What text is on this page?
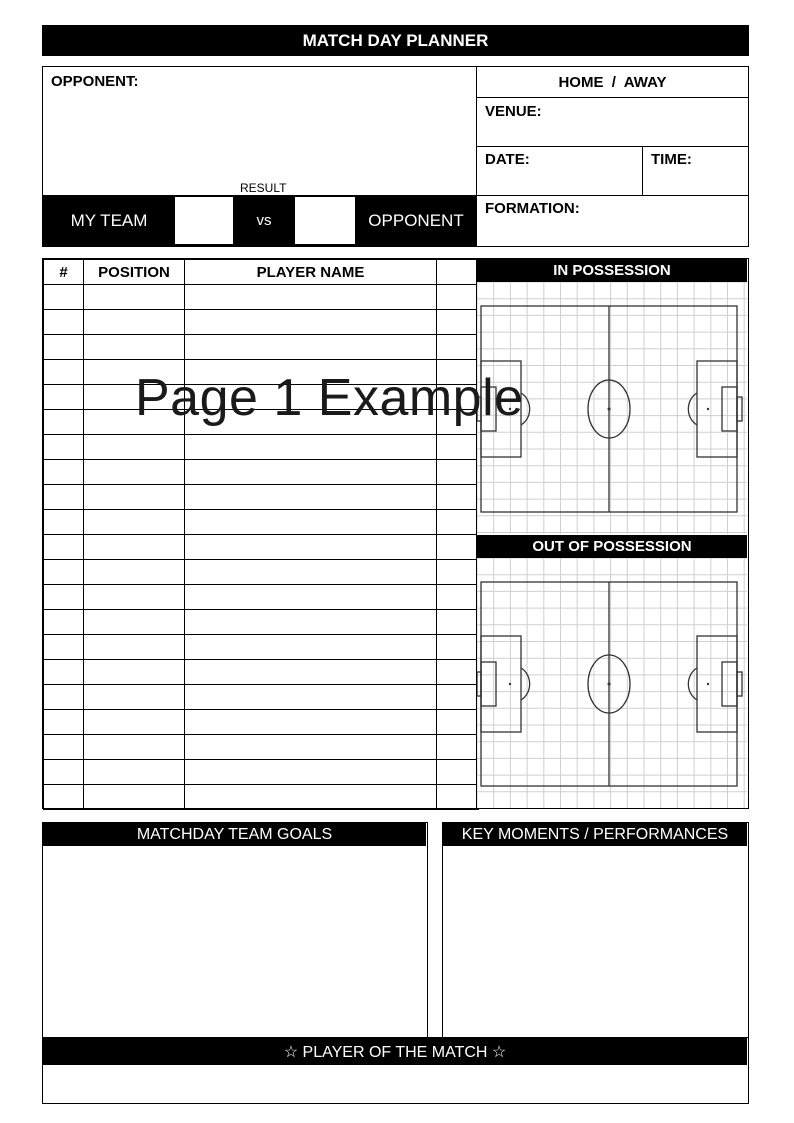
MATCH DAY PLANNER
OPPONENT:
RESULT
MY TEAM	vs	OPPONENT
HOME  /  AWAY
VENUE:
DATE:	TIME:
FORMATION:
#	POSITION	PLAYER NAME	

				IN POSSESSION
OUT OF POSSESSION
Page 1 Example
MATCHDAY TEAM GOALS	KEY MOMENTS / PERFORMANCES
☆ PLAYER OF THE MATCH ☆
